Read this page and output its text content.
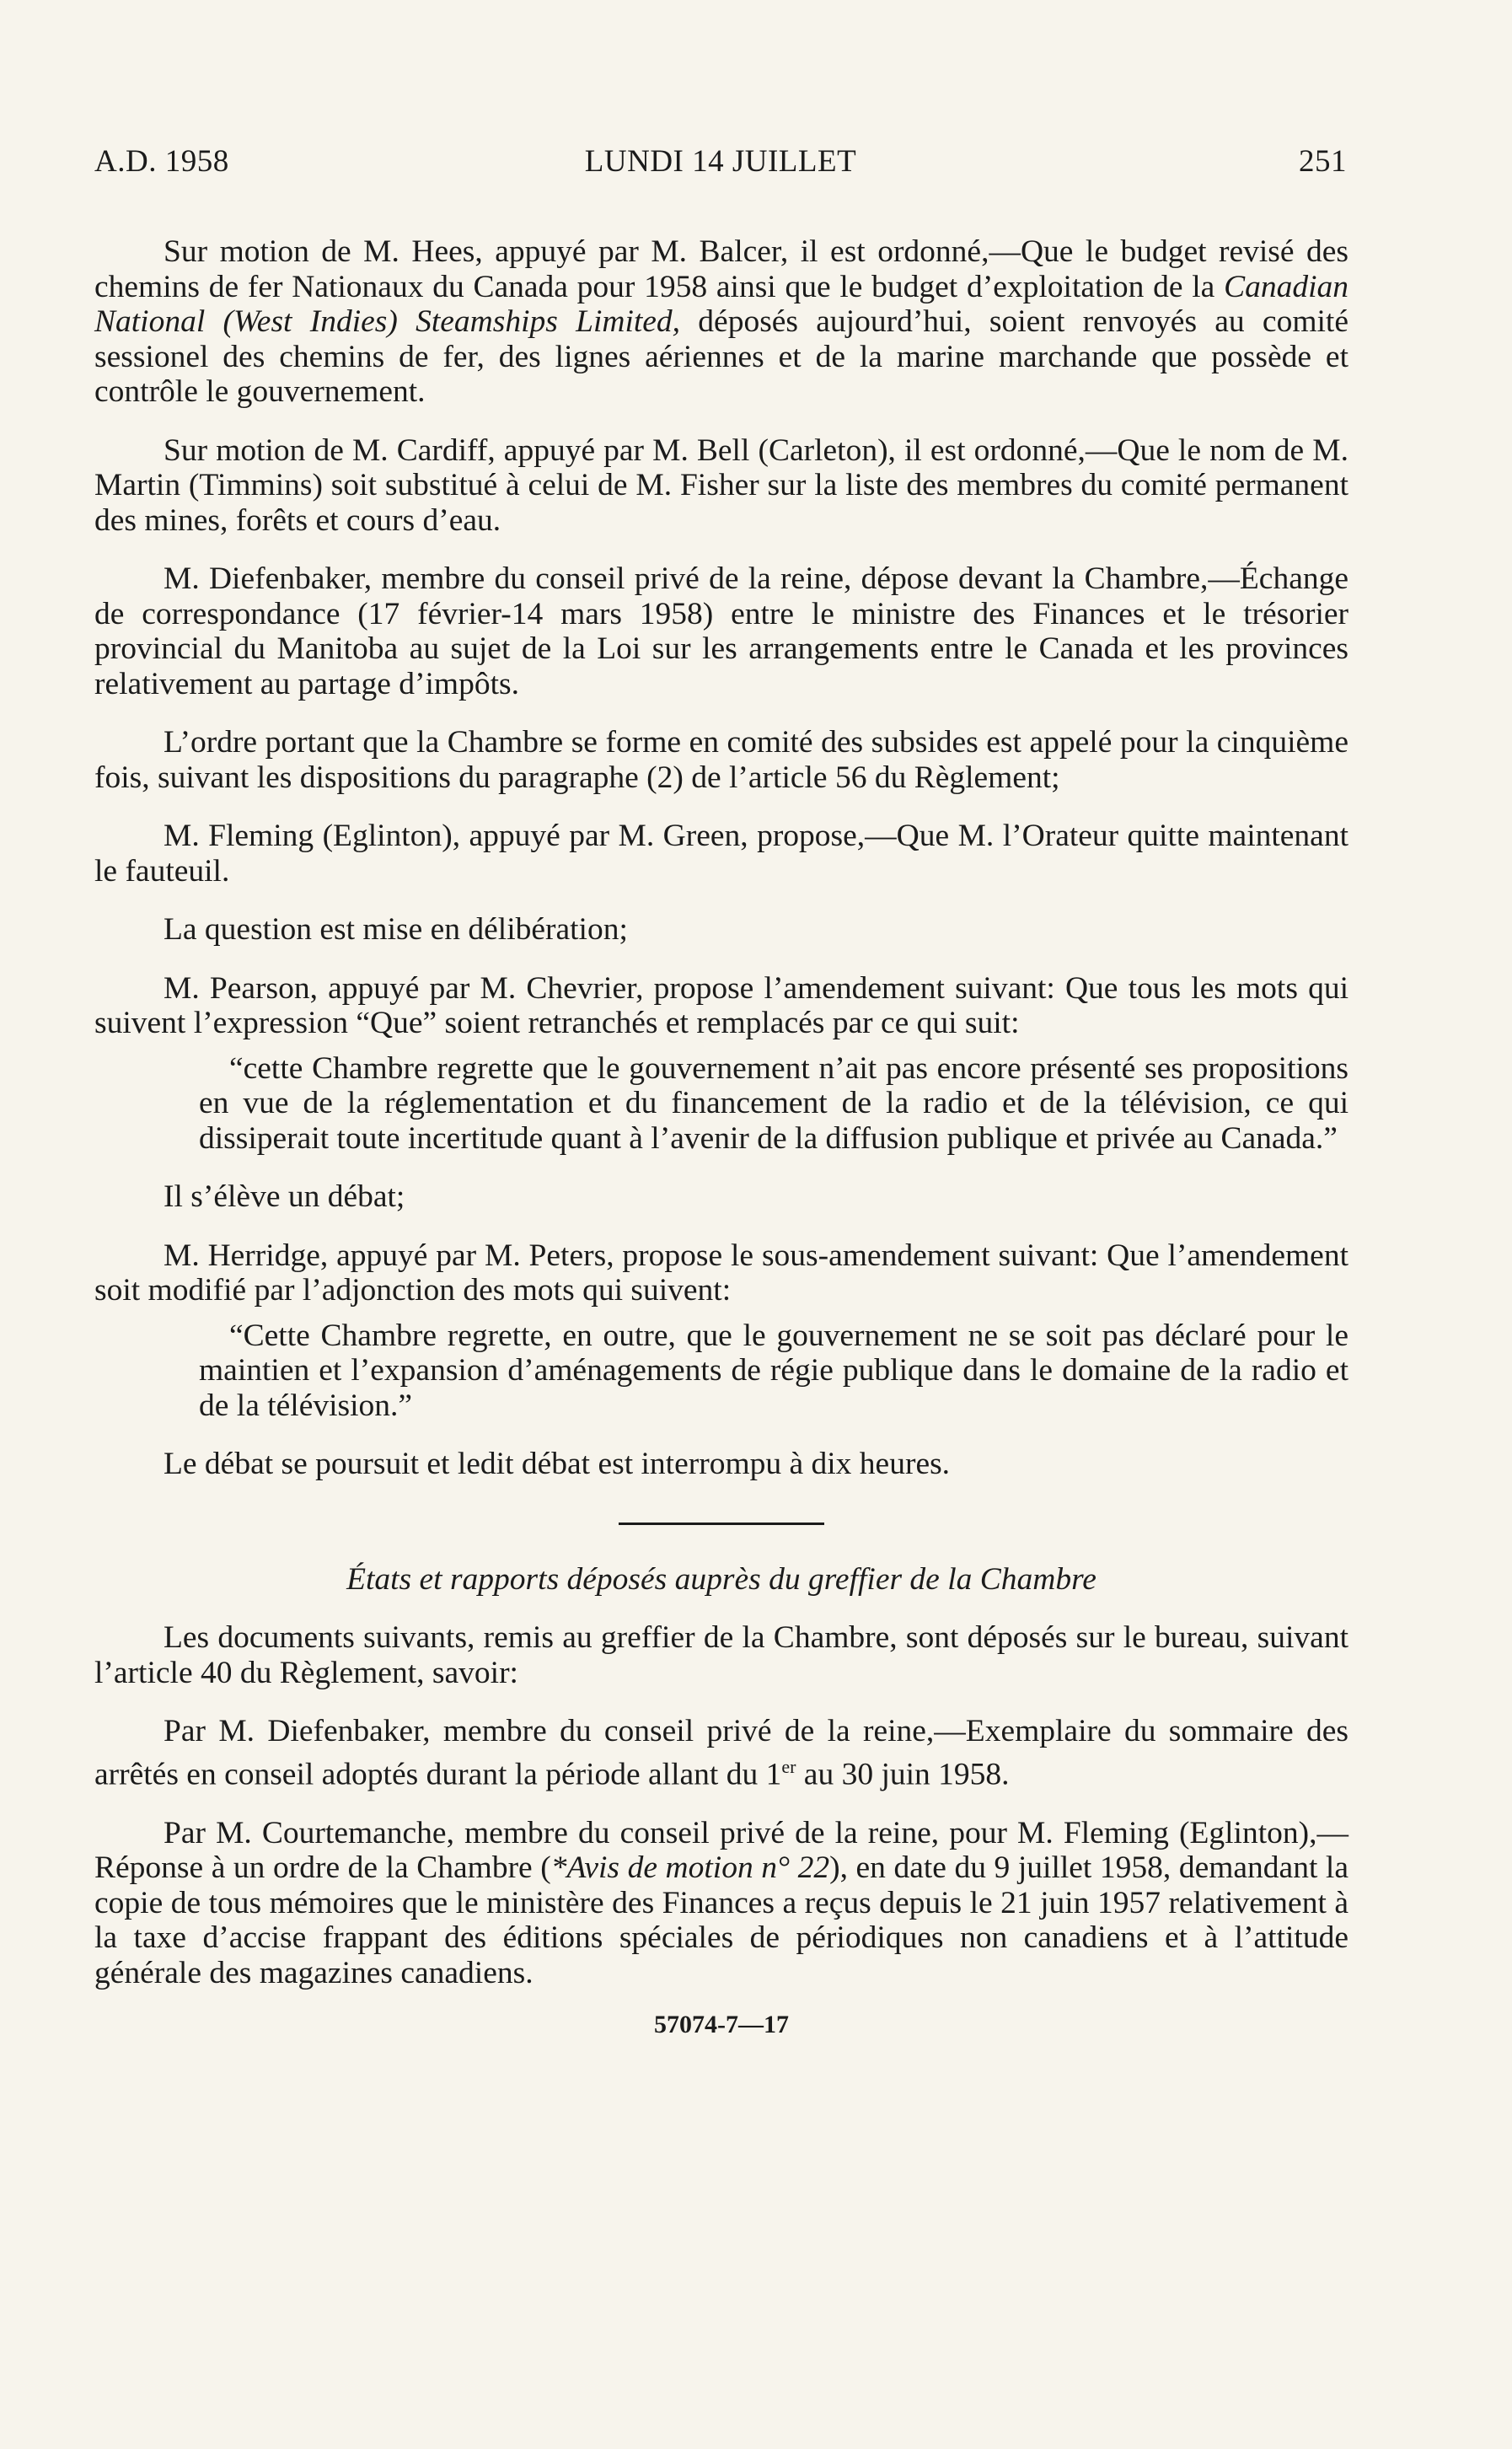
LUNDI 14 JUILLET
A.D. 1958	251

Sur motion de M. Hees, appuyé par M. Balcer, il est ordonné,—Que le budget revisé des chemins de fer Nationaux du Canada pour 1958 ainsi que le budget d’exploitation de la Canadian National (West Indies) Steamships Limited, déposés aujourd’hui, soient renvoyés au comité sessionel des chemins de fer, des lignes aériennes et de la marine marchande que possède et contrôle le gouvernement.

Sur motion de M. Cardiff, appuyé par M. Bell (Carleton), il est ordonné,—Que le nom de M. Martin (Timmins) soit substitué à celui de M. Fisher sur la liste des membres du comité permanent des mines, forêts et cours d’eau.

M. Diefenbaker, membre du conseil privé de la reine, dépose devant la Chambre,—Échange de correspondance (17 février-14 mars 1958) entre le ministre des Finances et le trésorier provincial du Manitoba au sujet de la Loi sur les arrangements entre le Canada et les provinces relativement au partage d’impôts.

L’ordre portant que la Chambre se forme en comité des subsides est appelé pour la cinquième fois, suivant les dispositions du paragraphe (2) de l’article 56 du Règlement;

M. Fleming (Eglinton), appuyé par M. Green, propose,—Que M. l’Orateur quitte maintenant le fauteuil.

La question est mise en délibération;

M. Pearson, appuyé par M. Chevrier, propose l’amendement suivant: Que tous les mots qui suivent l’expression “Que” soient retranchés et remplacés par ce qui suit:

“cette Chambre regrette que le gouvernement n’ait pas encore présenté ses propositions en vue de la réglementation et du financement de la radio et de la télévision, ce qui dissiperait toute incertitude quant à l’avenir de la diffusion publique et privée au Canada.”

Il s’élève un débat;

M. Herridge, appuyé par M. Peters, propose le sous-amendement suivant: Que l’amendement soit modifié par l’adjonction des mots qui suivent:

“Cette Chambre regrette, en outre, que le gouvernement ne se soit pas déclaré pour le maintien et l’expansion d’aménagements de régie publique dans le domaine de la radio et de la télévision.”

Le débat se poursuit et ledit débat est interrompu à dix heures.

États et rapports déposés auprès du greffier de la Chambre

Les documents suivants, remis au greffier de la Chambre, sont déposés sur le bureau, suivant l’article 40 du Règlement, savoir:

Par M. Diefenbaker, membre du conseil privé de la reine,—Exemplaire du sommaire des arrêtés en conseil adoptés durant la période allant du 1er au 30 juin 1958.

Par M. Courtemanche, membre du conseil privé de la reine, pour M. Fleming (Eglinton),—Réponse à un ordre de la Chambre (*Avis de motion n° 22), en date du 9 juillet 1958, demandant la copie de tous mémoires que le ministère des Finances a reçus depuis le 21 juin 1957 relativement à la taxe d’accise frappant des éditions spéciales de périodiques non canadiens et à l’attitude générale des magazines canadiens.

57074-7—17
